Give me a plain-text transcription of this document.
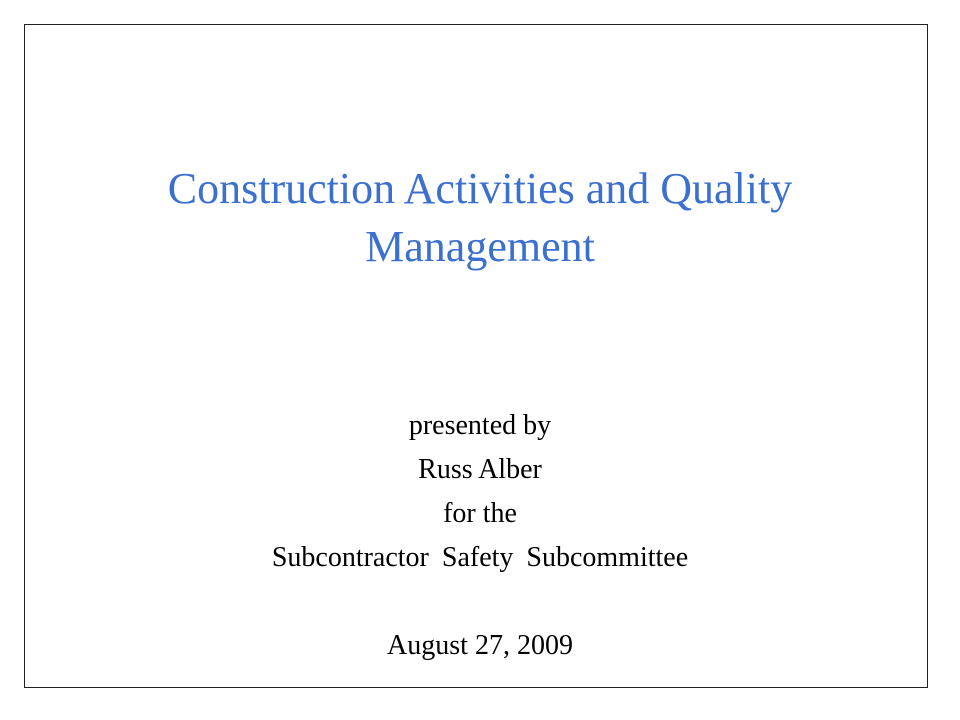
Construction Activities and Quality
Management
presented by
Russ Alber
for the
Subcontractor Safety Subcommittee
August 27, 2009
